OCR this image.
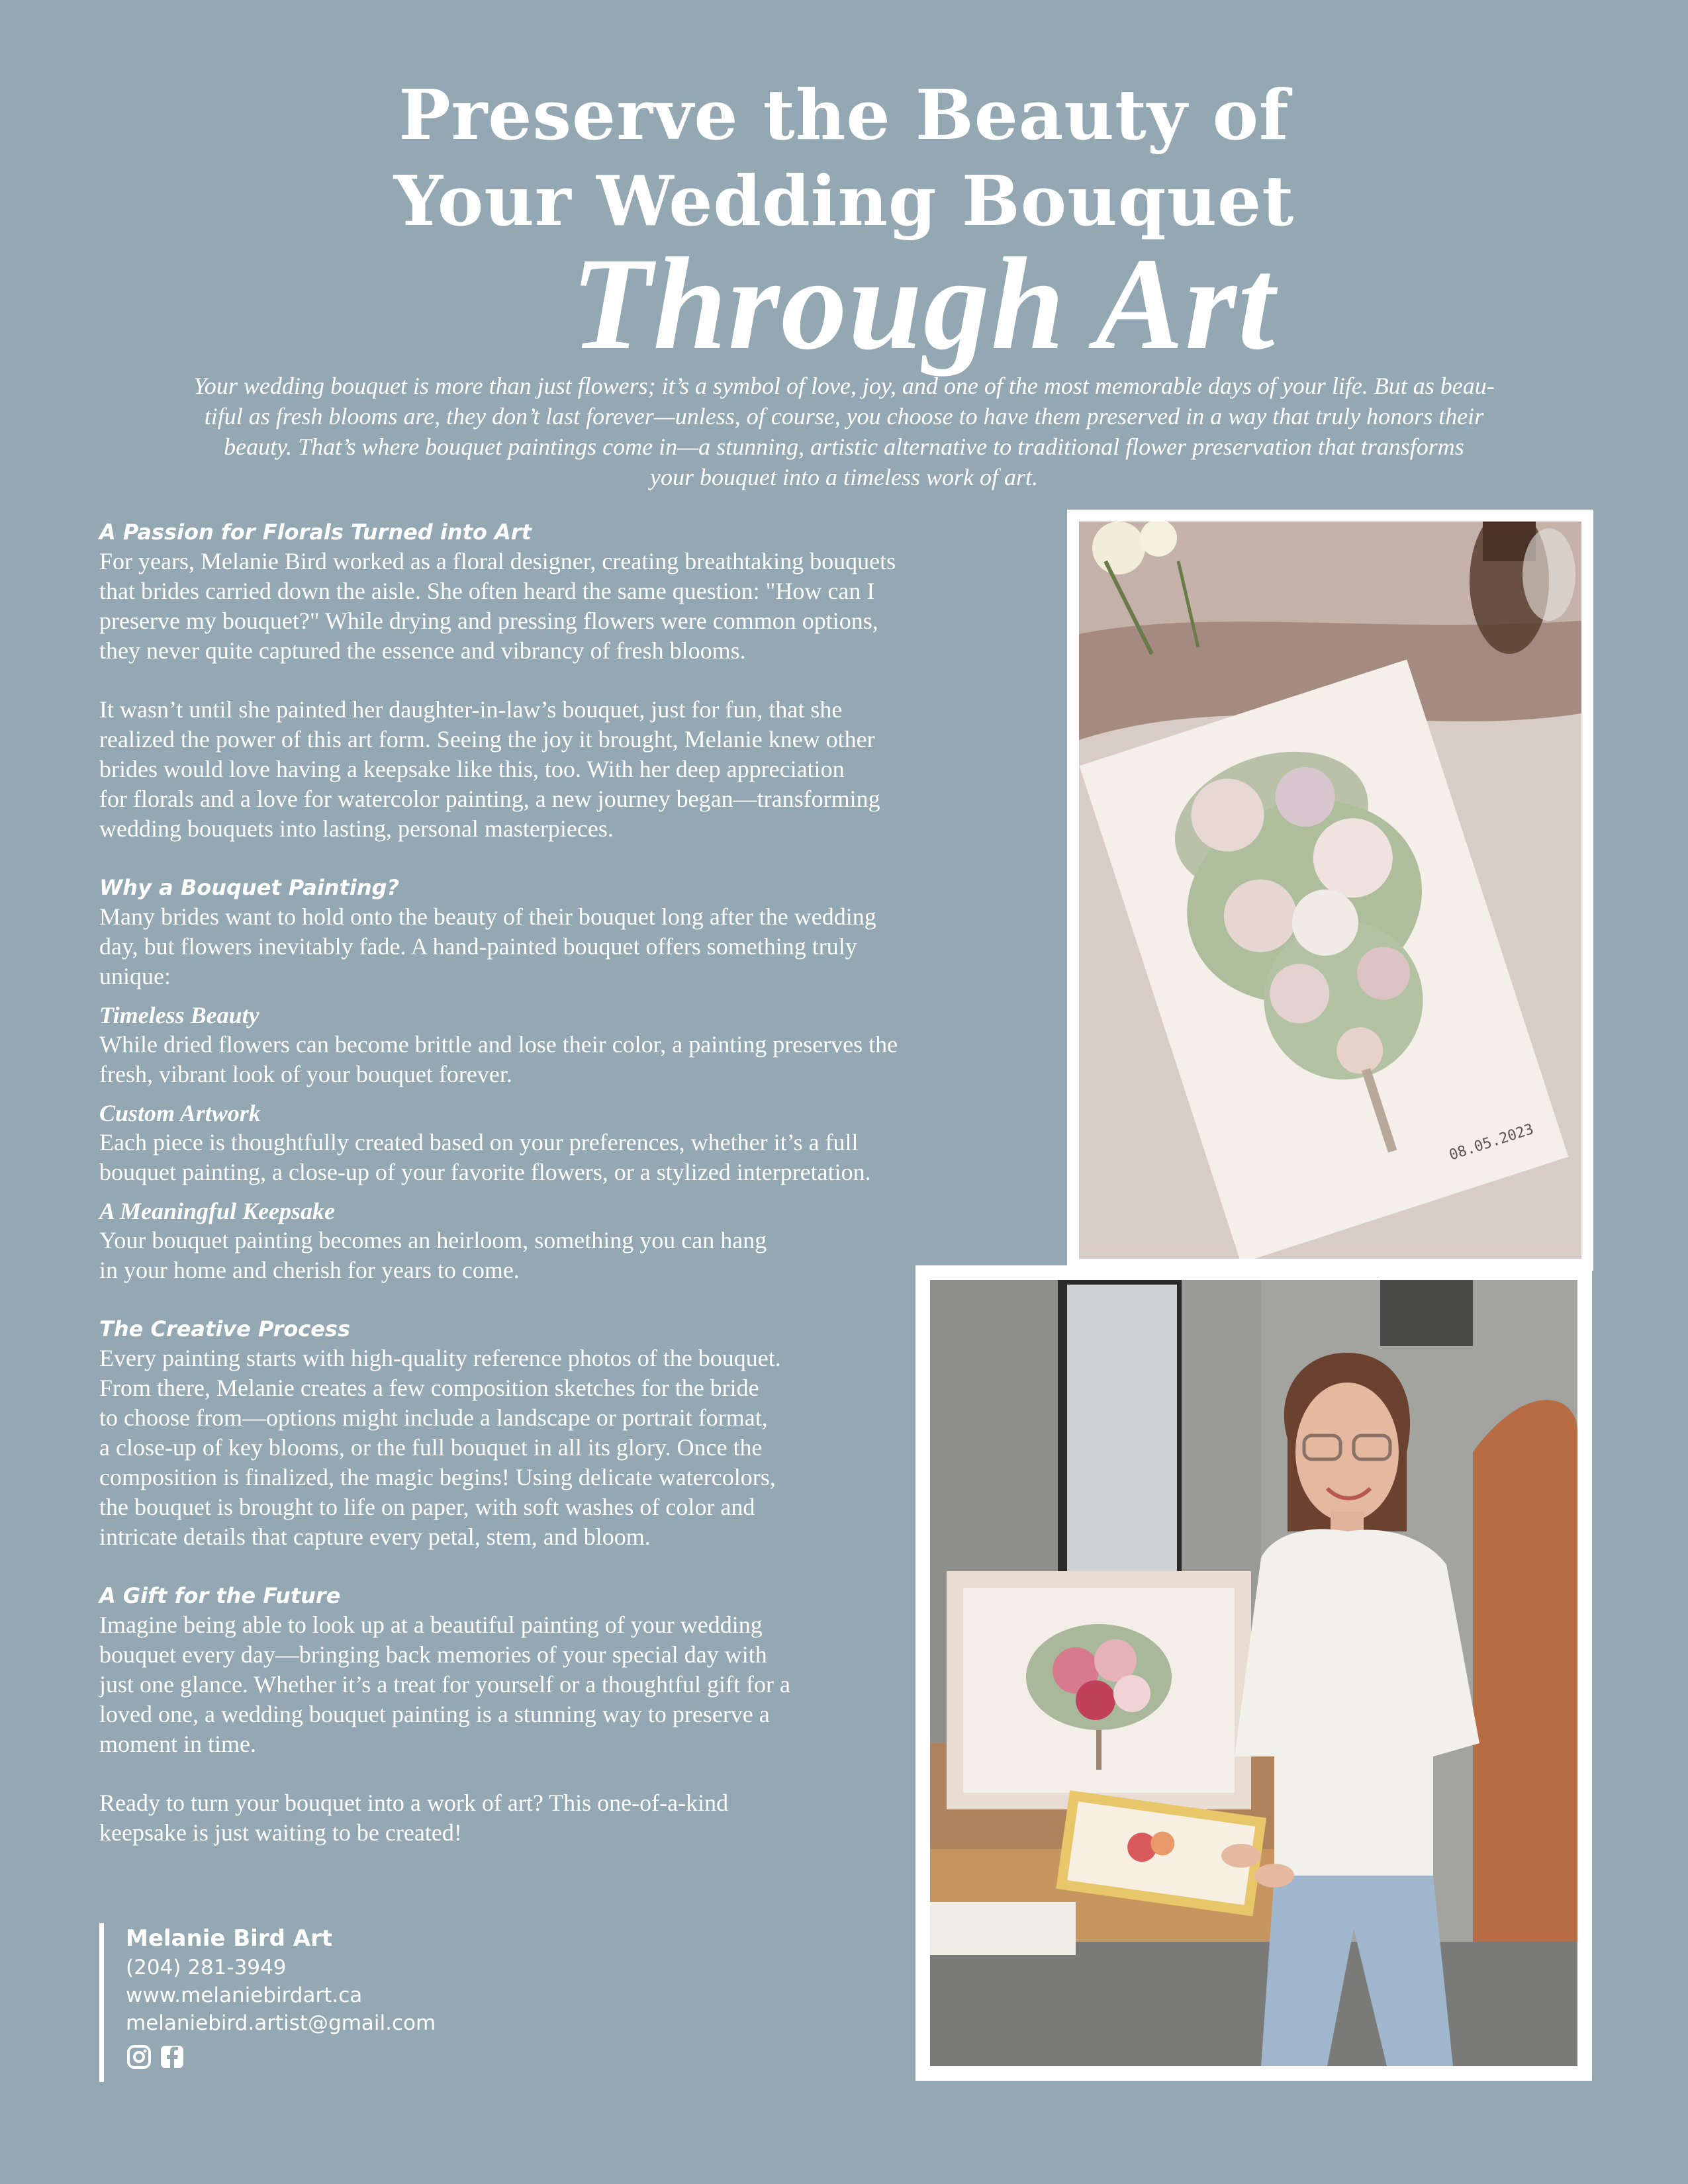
Preserve the Beauty of
Your Wedding Bouquet
Through Art
Your wedding bouquet is more than just flowers; it’s a symbol of love, joy, and one of the most memorable days of your life. But as beau-
tiful as fresh blooms are, they don’t last forever—unless, of course, you choose to have them preserved in a way that truly honors their
beauty. That’s where bouquet paintings come in—a stunning, artistic alternative to traditional flower preservation that transforms
your bouquet into a timeless work of art.
A Passion for Florals Turned into Art
For years, Melanie Bird worked as a floral designer, creating breathtaking bouquets
that brides carried down the aisle. She often heard the same question: "How can I
preserve my bouquet?" While drying and pressing flowers were common options,
they never quite captured the essence and vibrancy of fresh blooms.
It wasn’t until she painted her daughter-in-law’s bouquet, just for fun, that she
realized the power of this art form. Seeing the joy it brought, Melanie knew other
brides would love having a keepsake like this, too. With her deep appreciation
for florals and a love for watercolor painting, a new journey began—transforming
wedding bouquets into lasting, personal masterpieces.
Why a Bouquet Painting?
Many brides want to hold onto the beauty of their bouquet long after the wedding
day, but flowers inevitably fade. A hand-painted bouquet offers something truly
unique:
Timeless Beauty
While dried flowers can become brittle and lose their color, a painting preserves the
fresh, vibrant look of your bouquet forever.
Custom Artwork
Each piece is thoughtfully created based on your preferences, whether it’s a full
bouquet painting, a close-up of your favorite flowers, or a stylized interpretation.
A Meaningful Keepsake
Your bouquet painting becomes an heirloom, something you can hang
in your home and cherish for years to come.
The Creative Process
Every painting starts with high-quality reference photos of the bouquet.
From there, Melanie creates a few composition sketches for the bride
to choose from—options might include a landscape or portrait format,
a close-up of key blooms, or the full bouquet in all its glory. Once the
composition is finalized, the magic begins! Using delicate watercolors,
the bouquet is brought to life on paper, with soft washes of color and
intricate details that capture every petal, stem, and bloom.
A Gift for the Future
Imagine being able to look up at a beautiful painting of your wedding
bouquet every day—bringing back memories of your special day with
just one glance. Whether it’s a treat for yourself or a thoughtful gift for a
loved one, a wedding bouquet painting is a stunning way to preserve a
moment in time.
Ready to turn your bouquet into a work of art? This one-of-a-kind
keepsake is just waiting to be created!
08.05.2023
Melanie Bird Art
(204) 281-3949
www.melaniebirdart.ca
melaniebird.artist@gmail.com
